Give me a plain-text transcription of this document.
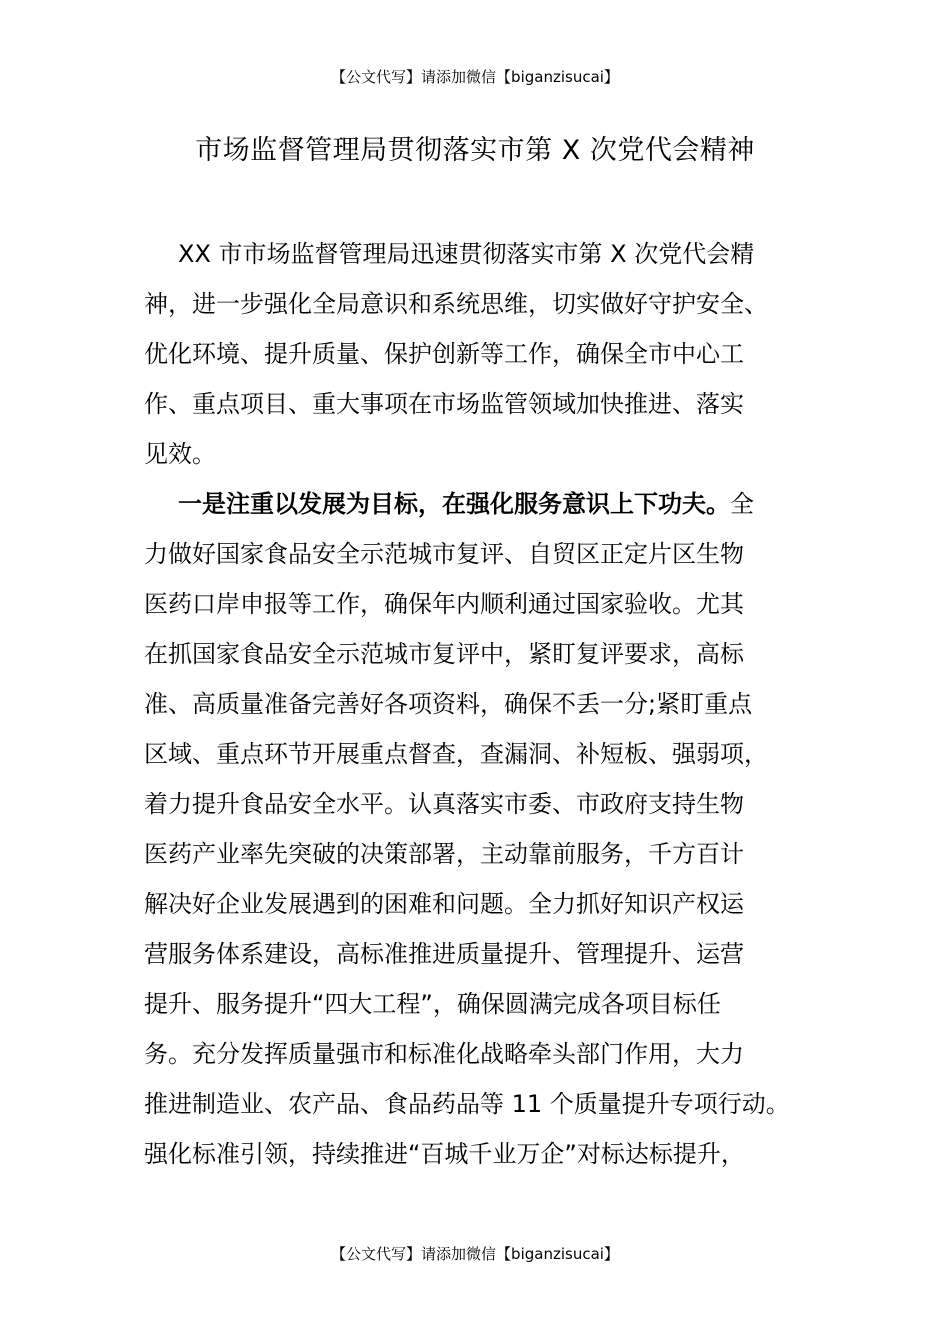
【公文代写】请添加微信【biganzisucai】
市场监督管理局贯彻落实市第 X 次党代会精神
XX 市市场监督管理局迅速贯彻落实市第 X 次党代会精
神，进一步强化全局意识和系统思维，切实做好守护安全、
优化环境、提升质量、保护创新等工作，确保全市中心工
作、重点项目、重大事项在市场监管领域加快推进、落实
见效。
一是注重以发展为目标，在强化服务意识上下功夫。全
力做好国家食品安全示范城市复评、自贸区正定片区生物
医药口岸申报等工作，确保年内顺利通过国家验收。尤其
在抓国家食品安全示范城市复评中，紧盯复评要求，高标
准、高质量准备完善好各项资料，确保不丢一分;紧盯重点
区域、重点环节开展重点督查，查漏洞、补短板、强弱项，
着力提升食品安全水平。认真落实市委、市政府支持生物
医药产业率先突破的决策部署，主动靠前服务，千方百计
解决好企业发展遇到的困难和问题。全力抓好知识产权运
营服务体系建设，高标准推进质量提升、管理提升、运营
提升、服务提升“四大工程”，确保圆满完成各项目标任
务。充分发挥质量强市和标准化战略牵头部门作用，大力
推进制造业、农产品、食品药品等 11 个质量提升专项行动。
强化标准引领，持续推进“百城千业万企”对标达标提升，
【公文代写】请添加微信【biganzisucai】
